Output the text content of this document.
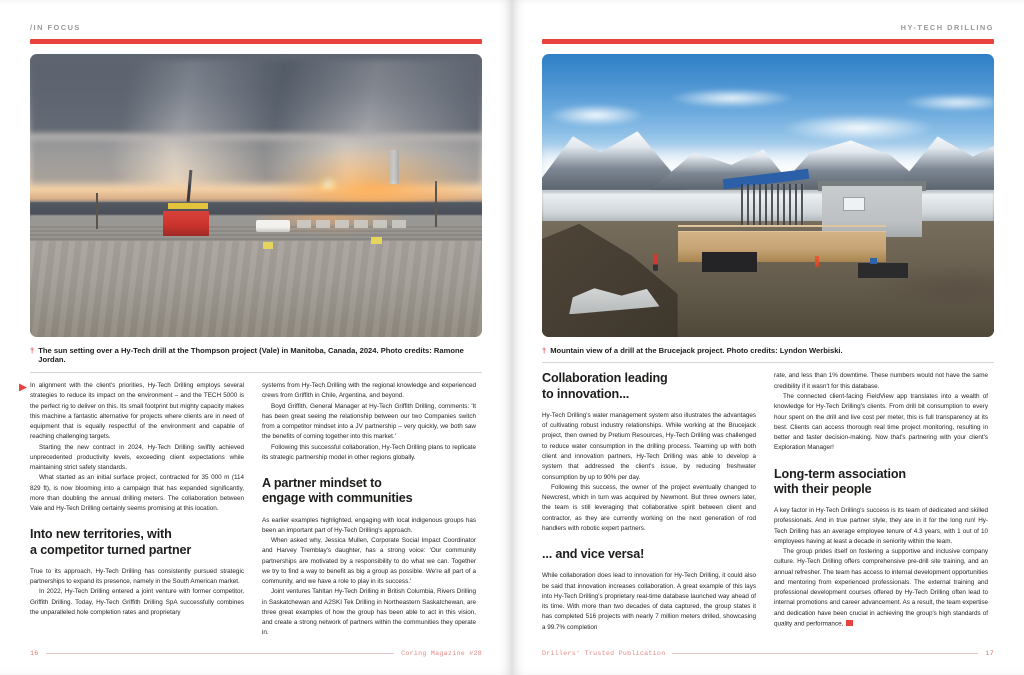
/IN FOCUS
† The sun setting over a Hy-Tech drill at the Thompson project (Vale) in Manitoba, Canada, 2024. Photo credits: Ramone Jordan.

In alignment with the client's priorities, Hy-Tech Drilling employs several strategies to reduce its impact on the environment – and the TECH 5000 is the perfect rig to deliver on this. Its small footprint but mighty capacity makes this machine a fantastic alternative for projects where clients are in need of equipment that is equally respectful of the environment and capable of reaching challenging targets.

Starting the new contract in 2024, Hy-Tech Drilling swiftly achieved unprecedented productivity levels, exceeding client expectations while maintaining strict safety standards.

What started as an initial surface project, contracted for 35 000 m (114 829 ft), is now blooming into a campaign that has expanded significantly, more than doubling the annual drilling meters. The collaboration between Vale and Hy-Tech Drilling certainly seems promising at this location.

Into new territories, with
a competitor turned partner

True to its approach, Hy-Tech Drilling has consistently pursued strategic partnerships to expand its presence, namely in the South American market.

In 2022, Hy-Tech Drilling entered a joint venture with former competitor, Griffith Drilling. Today, Hy-Tech Griffith Drilling SpA successfully combines the unparalleled hole completion rates and proprietary

systems from Hy-Tech Drilling with the regional knowledge and experienced crews from Griffith in Chile, Argentina, and beyond.

Boyd Griffith, General Manager at Hy-Tech Griffith Drilling, comments: 'It has been great seeing the relationship between our two Companies switch from a competitor mindset into a JV partnership – very quickly, we both saw the benefits of coming together into this market.'

Following this successful collaboration, Hy-Tech Drilling plans to replicate its strategic partnership model in other regions globally.

A partner mindset to
engage with communities

As earlier examples highlighted, engaging with local indigenous groups has been an important part of Hy-Tech Drilling's approach.

When asked why, Jessica Mullen, Corporate Social Impact Coordinator and Harvey Tremblay's daughter, has a strong voice: 'Our community partnerships are motivated by a responsibility to do what we can. Together we try to find a way to benefit as big a group as possible. We're all part of a community, and we have a role to play in its success.'

Joint ventures Tahltan Hy-Tech Drilling in British Columbia, Rivers Drilling in Saskatchewan and A2SKI Tek Drilling in Northeastern Saskatchewan, are three great examples of how the group has been able to act in this vision, and create a strong network of partners within the communities they operate in.

16	Coring Magazine #28
HY-TECH DRILLING
† Mountain view of a drill at the Brucejack project. Photo credits: Lyndon Werbiski.
Collaboration leading
to innovation...

Hy-Tech Drilling's water management system also illustrates the advantages of cultivating robust industry relationships. While working at the Brucejack project, then owned by Pretium Resources, Hy-Tech Drilling was challenged to reduce water consumption in the drilling process. Teaming up with both client and innovation partners, Hy-Tech Drilling was able to develop a system that addressed the client's issue, by reducing freshwater consumption by up to 90% per day.

Following this success, the owner of the project eventually changed to Newcrest, which in turn was acquired by Newmont. But three owners later, the team is still leveraging that collaborative spirit between client and contractor, as they are currently working on the next generation of rod handlers with robotic expert partners.

... and vice versa!

While collaboration does lead to innovation for Hy-Tech Drilling, it could also be said that innovation increases collaboration. A great example of this lays into Hy-Tech Drilling's proprietary real-time database launched way ahead of its time. With more than two decades of data captured, the group states it has completed 516 projects with nearly 7 million meters drilled, showcasing a 99.7% completion

rate, and less than 1% downtime. These numbers would not have the same credibility if it wasn't for this database.

The connected client-facing FieldView app translates into a wealth of knowledge for Hy-Tech Drilling's clients. From drill bit consumption to every hour spent on the drill and live cost per meter, this is full transparency at its best. Clients can access thorough real time project monitoring, resulting in better and faster decision-making. Now that's partnering with your client's Exploration Manager!

Long-term association
with their people

A key factor in Hy-Tech Drilling's success is its team of dedicated and skilled professionals. And in true partner style, they are in it for the long run! Hy-Tech Drilling has an average employee tenure of 4.3 years, with 1 out of 10 employees having at least a decade in seniority within the team.

The group prides itself on fostering a supportive and inclusive company culture. Hy-Tech Drilling offers comprehensive pre-drill site training, and an annual refresher. The team has access to internal development opportunities and mentoring from experienced professionals. The external training and professional development courses offered by Hy-Tech Drilling often lead to internal promotions and career advancement. As a result, the team expertise and dedication have been crucial in achieving the group's high standards of quality and performance,

Drillers' Trusted Publication	17
